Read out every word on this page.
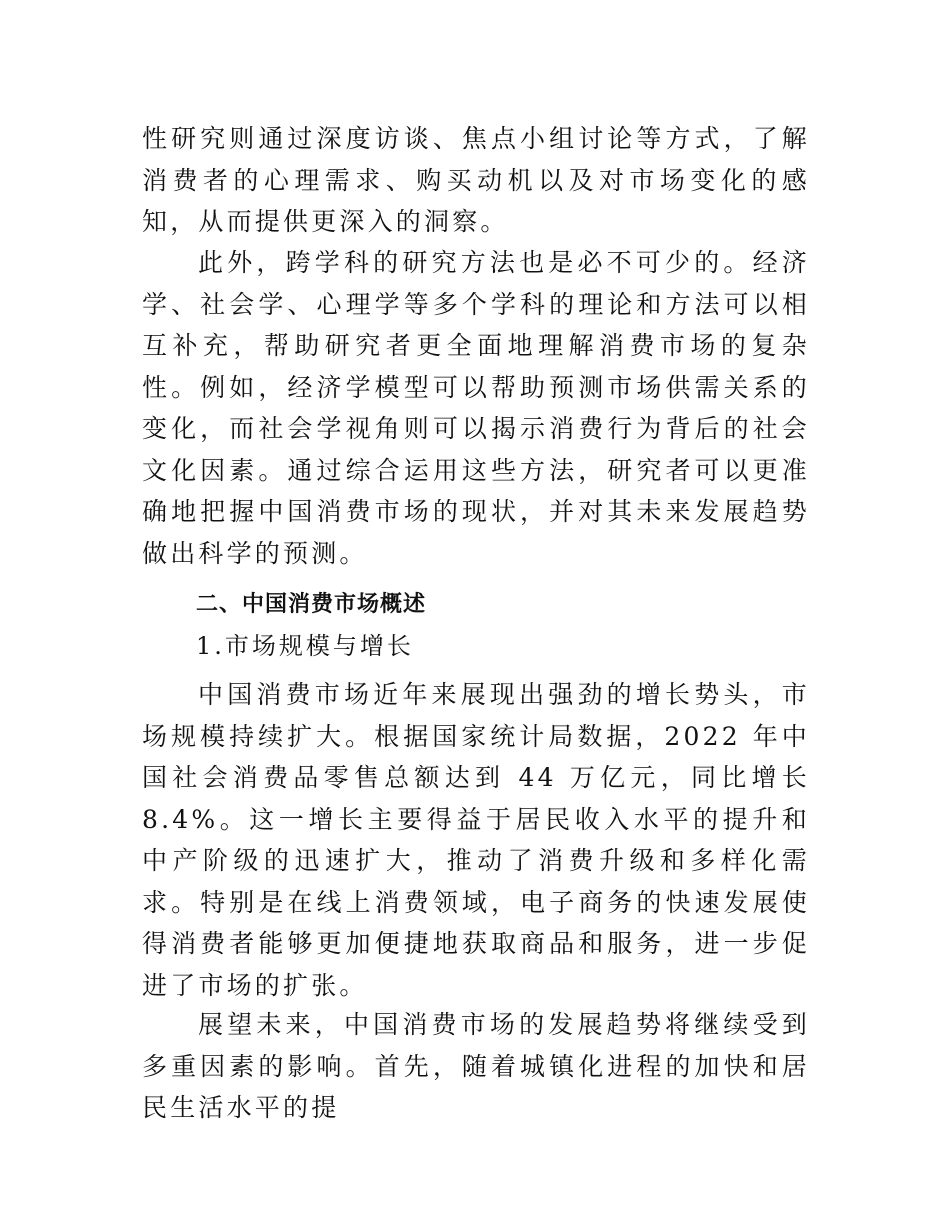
性研究则通过深度访谈、焦点小组讨论等方式，了解消费者的心理需求、购买动机以及对市场变化的感知，从而提供更深入的洞察。
此外，跨学科的研究方法也是必不可少的。经济学、社会学、心理学等多个学科的理论和方法可以相互补充，帮助研究者更全面地理解消费市场的复杂性。例如，经济学模型可以帮助预测市场供需关系的变化，而社会学视角则可以揭示消费行为背后的社会文化因素。通过综合运用这些方法，研究者可以更准确地把握中国消费市场的现状，并对其未来发展趋势做出科学的预测。
二、中国消费市场概述
1.市场规模与增长
中国消费市场近年来展现出强劲的增长势头，市场规模持续扩大。根据国家统计局数据，2022 年中国社会消费品零售总额达到 44 万亿元，同比增长 8.4%。这一增长主要得益于居民收入水平的提升和中产阶级的迅速扩大，推动了消费升级和多样化需求。特别是在线上消费领域，电子商务的快速发展使得消费者能够更加便捷地获取商品和服务，进一步促进了市场的扩张。
展望未来，中国消费市场的发展趋势将继续受到多重因素的影响。首先，随着城镇化进程的加快和居民生活水平的提
